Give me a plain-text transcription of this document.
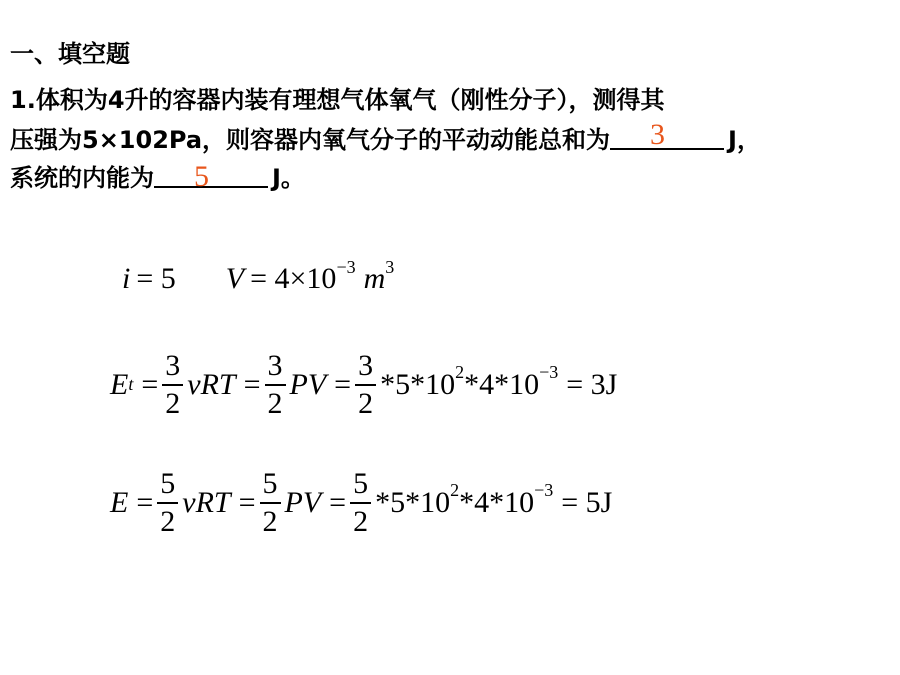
一、填空题
1.体积为4升的容器内装有理想气体氧气（刚性分子），测得其
压强为5×102Pa，则容器内氧气分子的平动动能总和为 3	J，
系统的内能为 5	J。
i = 5 $V = 4\times 10^{-3}$ $m^3$
E $t = \frac{3}{2}$ $\nu RT = \frac{3}{2}$ PV = $\frac{3}{2} *5*10^2$ $*4*10^{-3} = 3J$
$E = \frac{5}{2}$ $\nu RT = \frac{5}{2}$ PV = $\frac{5}{2} *5*10^2$ $*4*10^{-3} = 5J$
